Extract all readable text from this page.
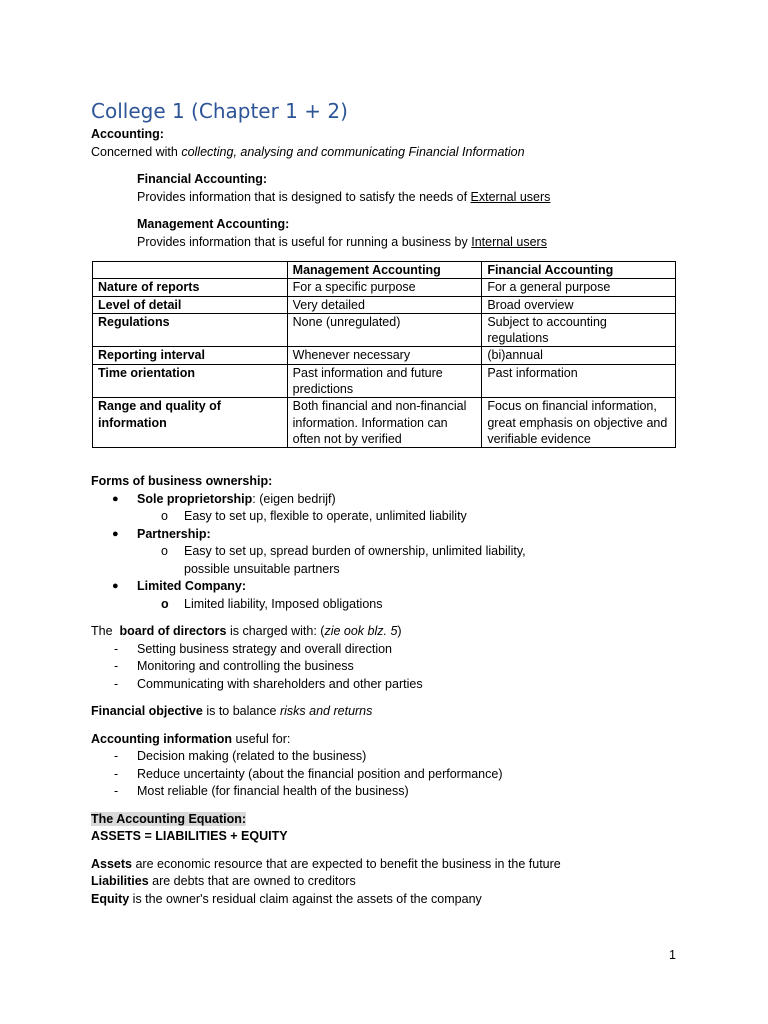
College 1 (Chapter 1 + 2)

Accounting:

Concerned with collecting, analysing and communicating Financial Information

Financial Accounting:

Provides information that is designed to satisfy the needs of External users

Management Accounting:

Provides information that is useful for running a business by Internal users

	Management Accounting	Financial Accounting
Nature of reports	For a specific purpose	For a general purpose
Level of detail	Very detailed	Broad overview
Regulations	None (unregulated)	Subject to accounting regulations
Reporting interval	Whenever necessary	(bi)annual
Time orientation	Past information and future predictions	Past information
Range and quality of information	Both financial and non-financial information. Information can often not by verified	Focus on financial information, great emphasis on objective and verifiable evidence

Forms of business ownership:

● Sole proprietorship: (eigen bedrijf)
o Easy to set up, flexible to operate, unlimited liability
● Partnership:
o Easy to set up, spread burden of ownership, unlimited liability, possible unsuitable partners
● Limited Company:
o Limited liability, Imposed obligations

The  board of directors is charged with: (zie ook blz. 5)

- Setting business strategy and overall direction
- Monitoring and controlling the business
- Communicating with shareholders and other parties

Financial objective is to balance risks and returns

Accounting information useful for:

- Decision making (related to the business)
- Reduce uncertainty (about the financial position and performance)
- Most reliable (for financial health of the business)

The Accounting Equation:

ASSETS = LIABILITIES + EQUITY

Assets are economic resource that are expected to benefit the business in the future

Liabilities are debts that are owned to creditors

Equity is the owner's residual claim against the assets of the company

1
